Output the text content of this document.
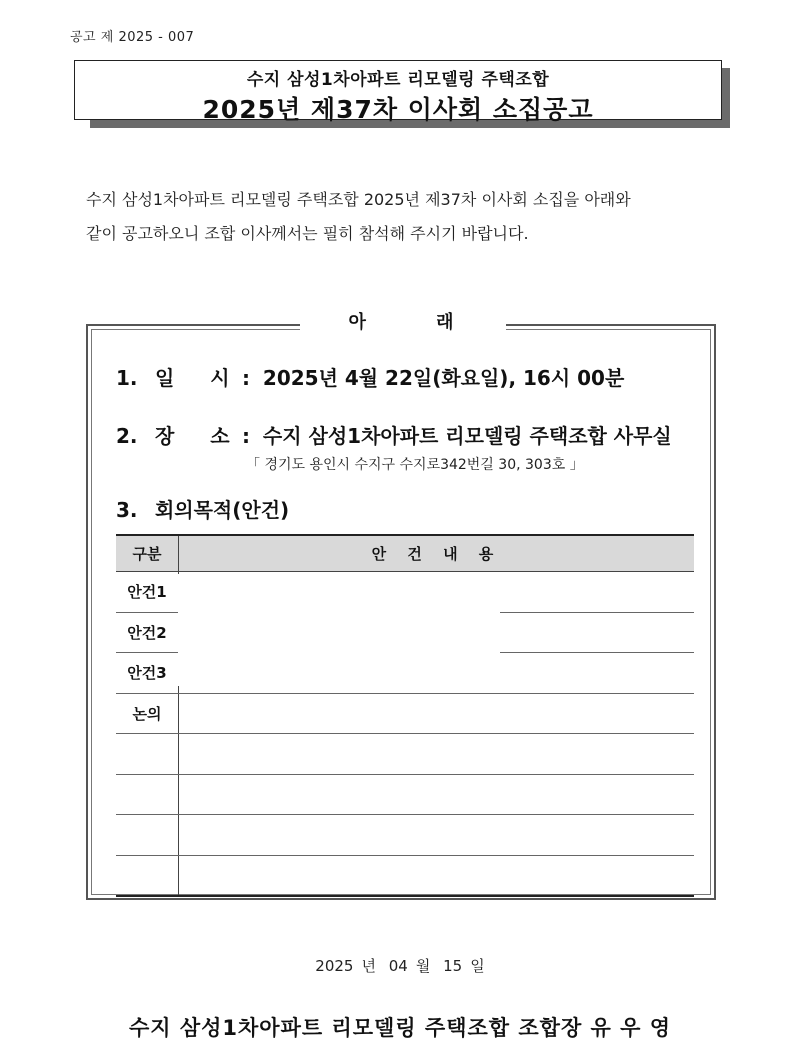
공고 제 2025 - 007
수지 삼성1차아파트 리모델링 주택조합
2025년 제37차 이사회 소집공고
수지 삼성1차아파트 리모델링 주택조합 2025년 제37차 이사회 소집을 아래와
같이 공고하오니 조합 이사께서는 필히 참석해 주시기 바랍니다.
아	래
1. 일 시 : 2025년 4월 22일(화요일), 16시 00분
2. 장 소 : 수지 삼성1차아파트 리모델링 주택조합 사무실
「 경기도 용인시 수지구 수지로342번길 30, 303호 」
3. 회의목적(안건)
구분	안 건 내 용
안건1	
안건2	
안건3	
논의	

2025 년 04 월 15 일
수지 삼성1차아파트 리모델링 주택조합 조합장 유 우 영
